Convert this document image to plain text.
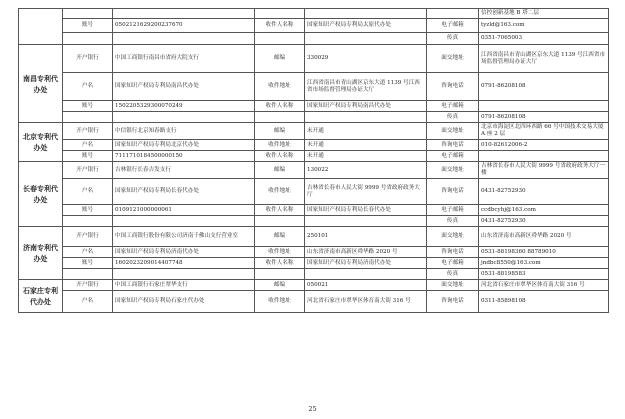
						信控创新基地 B 塔二层
	账号	0502121629200237670	收件人名称	国家知识产权局专利局太原代办处	电子邮箱	tyzld@163.com
					传真	0351-7065003
南昌专利代办处	开户银行	中国工商银行南昌市省府大院支行	邮编	330029	面交地址	江西省南昌市青山湖区京东大道 1139 号江西省市场监督管理局办证大厅
	户名	国家知识产权局专利局南昌代办处	收件地址	江西省南昌市青山湖区京东大道 1139 号江西省市场监督管理局办证大厅	咨询电话	0791-86208108
	账号	1502205329300070249	收件人名称	国家知识产权局专利局南昌代办处	电子邮箱	
					传真	0791-86208108
北京专利代办处	开户银行	中信银行北京知春路支行	邮编	未开通	面交地址	北京市海淀区北四环西路 66 号中国技术交易大厦 A 座 2 层
	户名	国家知识产权局专利局北京代办处	收件地址	未开通	咨询电话	010-82612006-2
	账号	7111710184500000150	收件人名称	未开通	电子邮箱	
长春专利代办处	开户银行	吉林银行长春吉发支行	邮编	130022	面交地址	吉林省长春市人民大街 9999 号省政府政务大厅一楼
	户名	国家知识产权局专利局长春代办处	收件地址	吉林省长春市人民大街 9999 号省政府政务大厅	咨询电话	0431-82752930
	账号	0109121000000061	收件人名称	国家知识产权局专利局长春代办处	电子邮箱	ccdbcyhj@163.com
					传真	0431-82752930
济南专利代办处	开户银行	中国工商银行股份有限公司济南千佛山支行营业室	邮编	250101	面交地址	山东省济南市高新区舜华路 2020 号
	户名	国家知识产权局专利局济南代办处	收件地址	山东省济南市高新区舜华路 2020 号	咨询电话	0531-88198360 88789010
	账号	1602023209014407748	收件人名称	国家知识产权局专利局济南代办处	电子邮箱	jndbc8550@163.com
					传真	0531-88198583
石家庄专利代办处	开户银行	中国工商银行石家庄翠华支行	邮编	050021	面交地址	河北省石家庄市翠华区体育南大街 316 号
	户名	国家知识产权局专利局石家庄代办处	收件地址	河北省石家庄市翠华区体育南大街 316 号	咨询电话	0311-85898108
25
